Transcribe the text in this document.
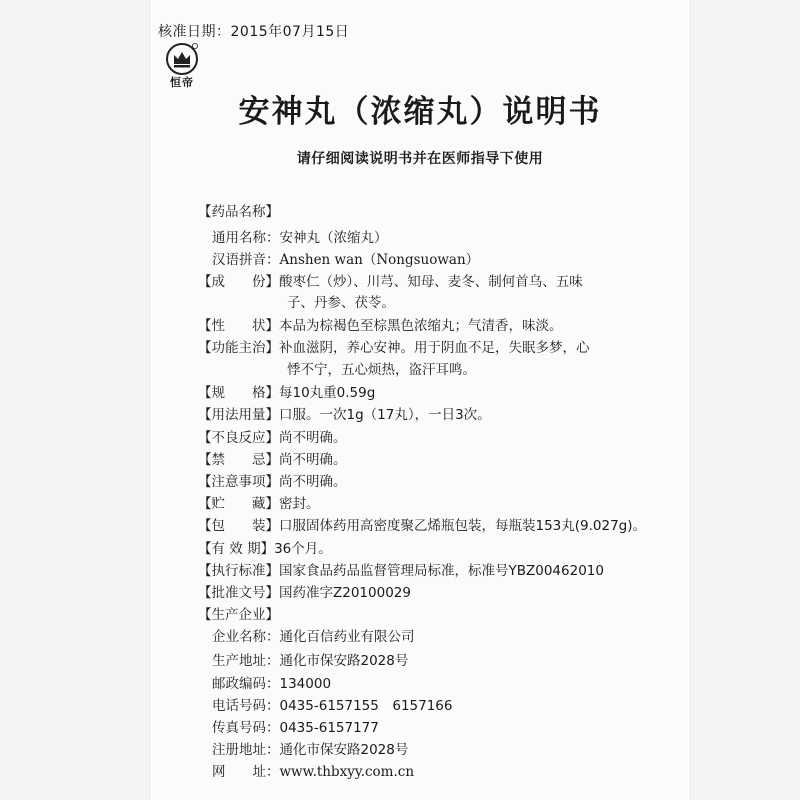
核准日期：2015年07月15日
恒帝
安神丸（浓缩丸）说明书
请仔细阅读说明书并在医师指导下使用
【药品名称】
通用名称：安神丸（浓缩丸）
汉语拼音：Anshen wan（Nongsuowan）
【成　　份】酸枣仁（炒）、川芎、知母、麦冬、制何首乌、五味
子、丹参、茯苓。
【性　　状】本品为棕褐色至棕黑色浓缩丸；气清香，味淡。
【功能主治】补血滋阴，养心安神。用于阴血不足，失眠多梦，心
悸不宁，五心烦热，盗汗耳鸣。
【规　　格】每10丸重0.59g
【用法用量】口服。一次1g（17丸），一日3次。
【不良反应】尚不明确。
【禁　　忌】尚不明确。
【注意事项】尚不明确。
【贮　　藏】密封。
【包　　装】口服固体药用高密度聚乙烯瓶包装，每瓶装153丸(9.027g)。
【有 效 期】36个月。
【执行标准】国家食品药品监督管理局标准，标准号YBZ00462010
【批准文号】国药准字Z20100029
【生产企业】
企业名称：通化百信药业有限公司
生产地址：通化市保安路2028号
邮政编码：134000
电话号码：0435-6157155　6157166
传真号码：0435-6157177
注册地址：通化市保安路2028号
网　　址：www.thbxyy.com.cn
